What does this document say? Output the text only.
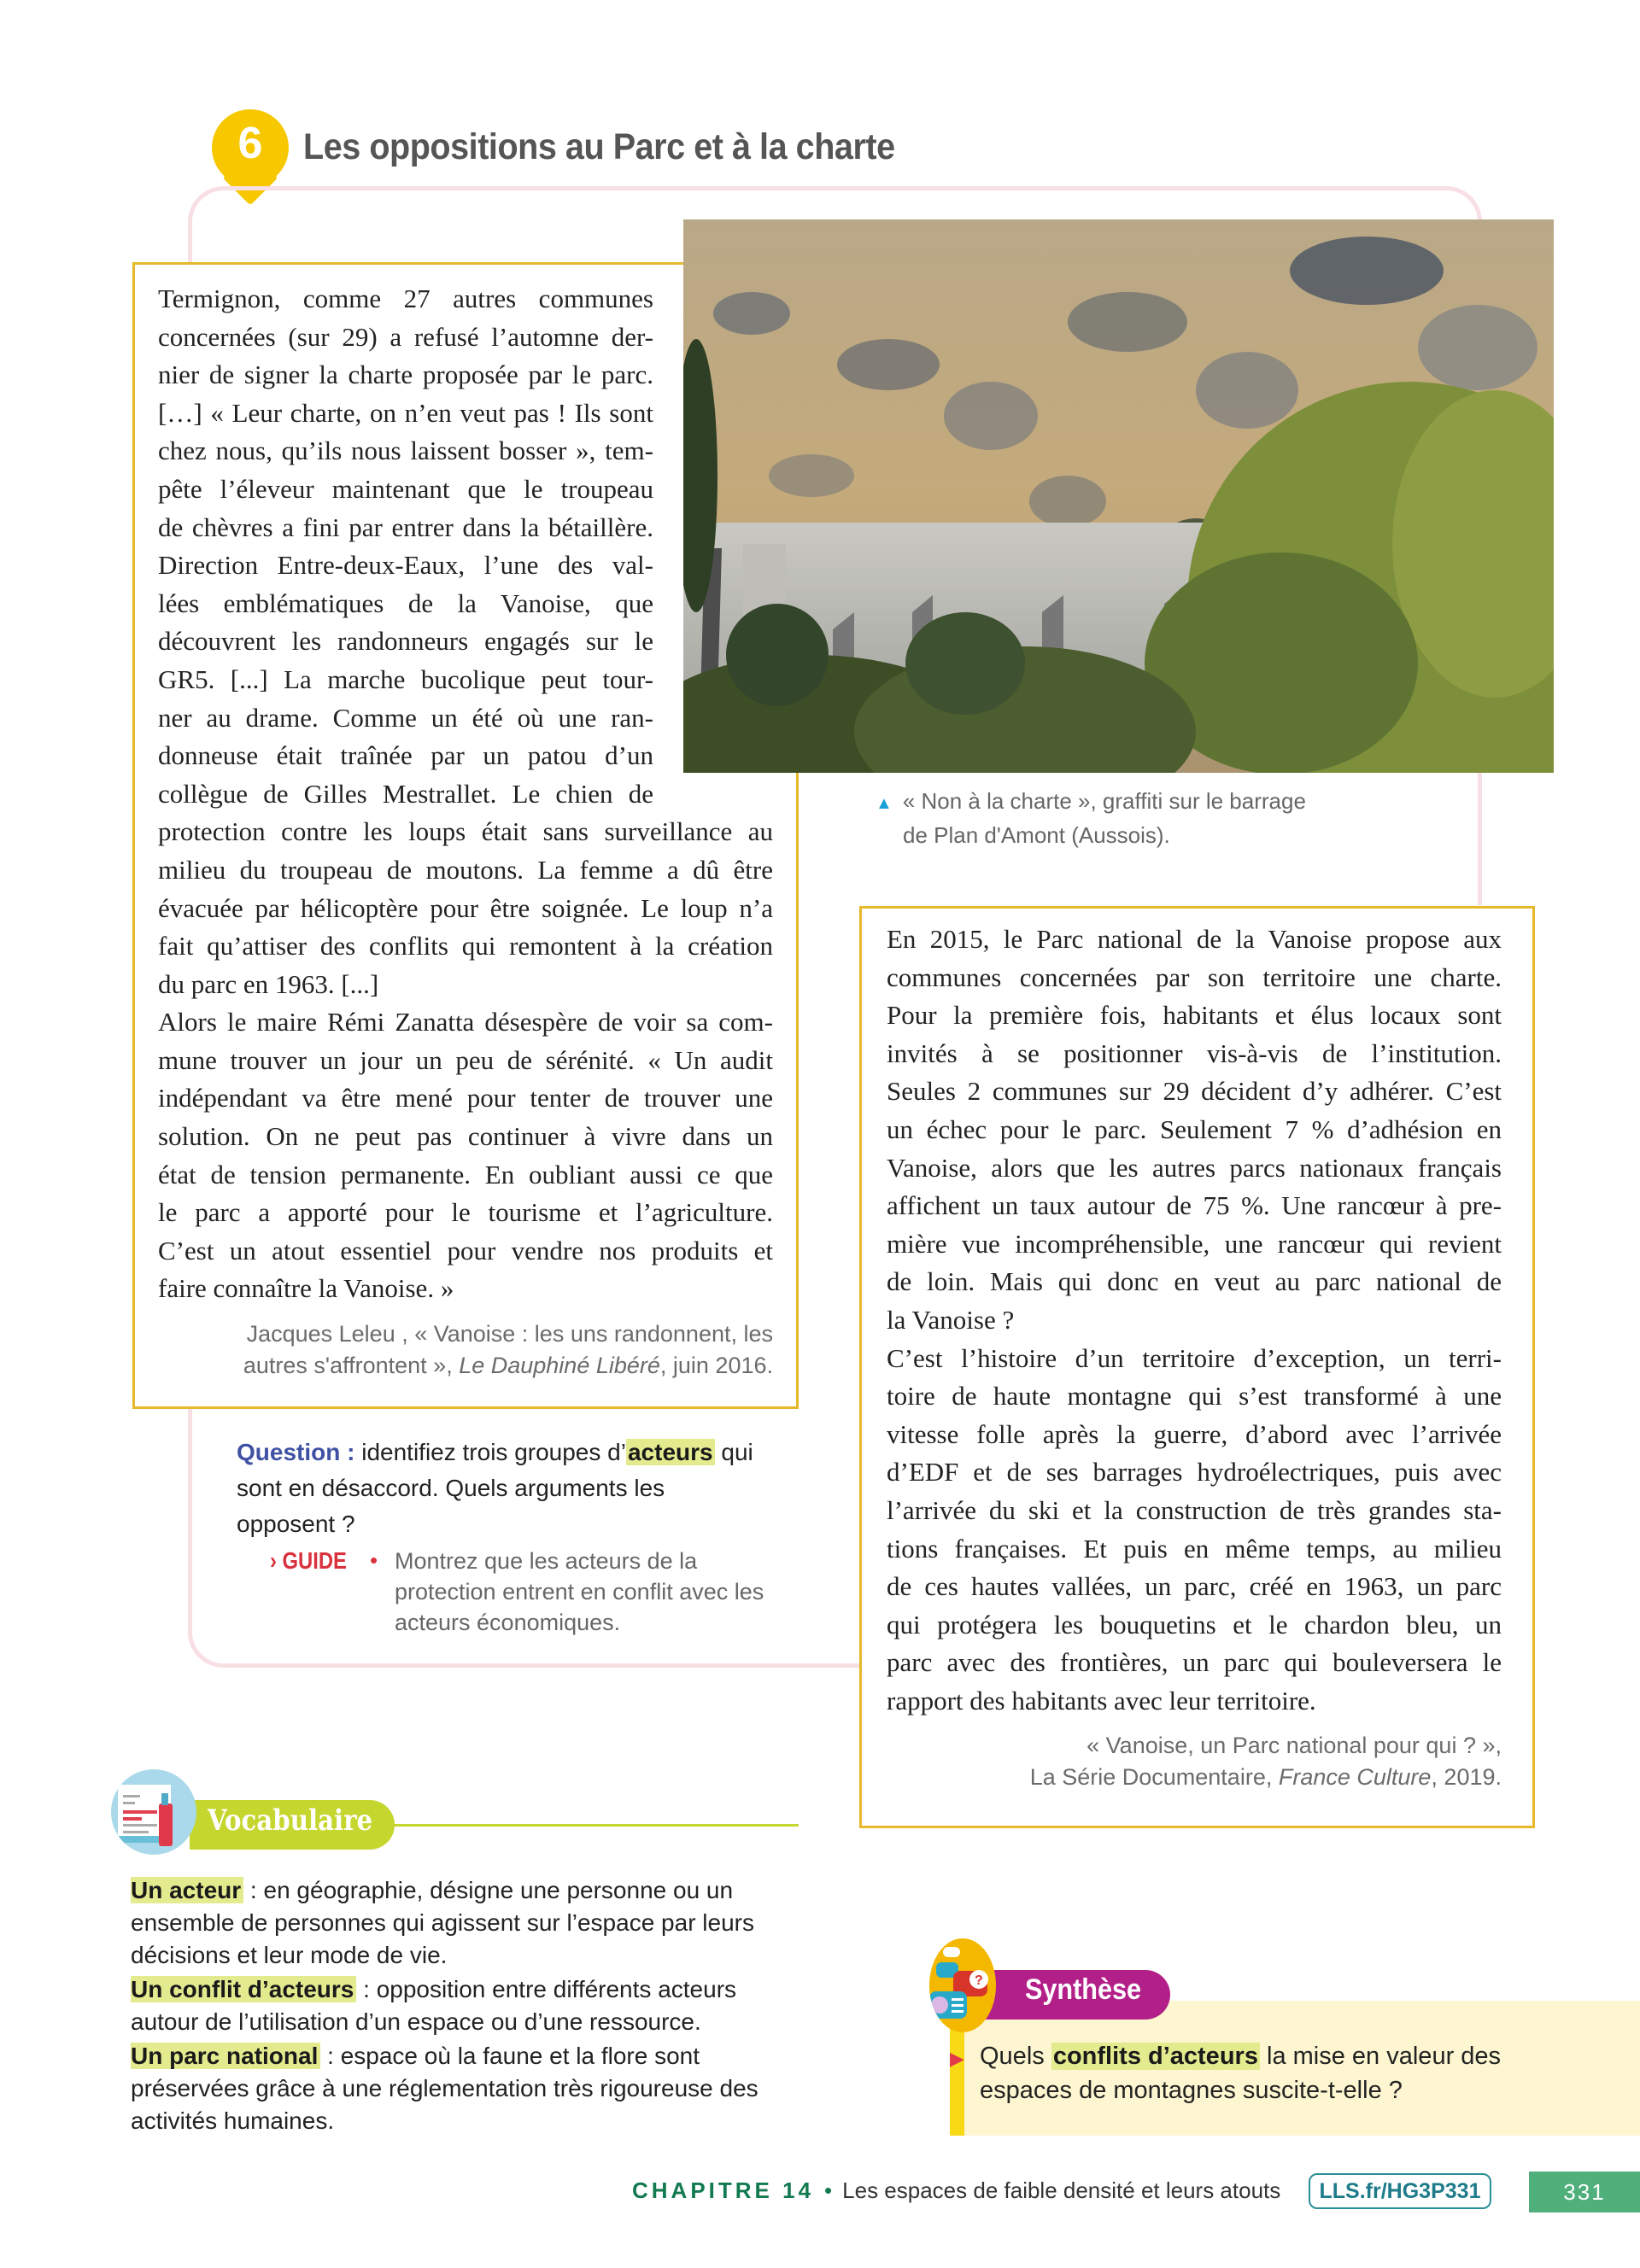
6	Les oppositions au Parc et à la charte
Termignon, comme 27 autres communes
concernées (sur 29) a refusé l’automne der-
nier de signer la charte proposée par le parc.
[…] « Leur charte, on n’en veut pas ! Ils sont
chez nous, qu’ils nous laissent bosser », tem-
pête l’éleveur maintenant que le troupeau
de chèvres a fini par entrer dans la bétaillère.
Direction Entre-deux-Eaux, l’une des val-
lées emblématiques de la Vanoise, que
découvrent les randonneurs engagés sur le
GR5. [...] La marche bucolique peut tour-
ner au drame. Comme un été où une ran-
donneuse était traînée par un patou d’un
collègue de Gilles Mestrallet. Le chien de
protection contre les loups était sans surveillance au
milieu du troupeau de moutons. La femme a dû être
évacuée par hélicoptère pour être soignée. Le loup n’a
fait qu’attiser des conflits qui remontent à la création
du parc en 1963. [...]
Alors le maire Rémi Zanatta désespère de voir sa com-
mune trouver un jour un peu de sérénité. « Un audit
indépendant va être mené pour tenter de trouver une
solution. On ne peut pas continuer à vivre dans un
état de tension permanente. En oubliant aussi ce que
le parc a apporté pour le tourisme et l’agriculture.
C’est un atout essentiel pour vendre nos produits et
faire connaître la Vanoise. »
Jacques Leleu , « Vanoise : les uns randonnent, les
autres s'affrontent », Le Dauphiné Libéré, juin 2016.
▲ « Non à la charte », graffiti sur le barrage
de Plan d'Amont (Aussois).
En 2015, le Parc national de la Vanoise propose aux
communes concernées par son territoire une charte.
Pour la première fois, habitants et élus locaux sont
invités à se positionner vis-à-vis de l’institution.
Seules 2 communes sur 29 décident d’y adhérer. C’est
un échec pour le parc. Seulement 7 % d’adhésion en
Vanoise, alors que les autres parcs nationaux français
affichent un taux autour de 75 %. Une rancœur à pre-
mière vue incompréhensible, une rancœur qui revient
de loin. Mais qui donc en veut au parc national de
la Vanoise ?
C’est l’histoire d’un territoire d’exception, un terri-
toire de haute montagne qui s’est transformé à une
vitesse folle après la guerre, d’abord avec l’arrivée
d’EDF et de ses barrages hydroélectriques, puis avec
l’arrivée du ski et la construction de très grandes sta-
tions françaises. Et puis en même temps, au milieu
de ces hautes vallées, un parc, créé en 1963, un parc
qui protégera les bouquetins et le chardon bleu, un
parc avec des frontières, un parc qui bouleversera le
rapport des habitants avec leur territoire.
« Vanoise, un Parc national pour qui ? »,
La Série Documentaire, France Culture, 2019.
Question : identifiez trois groupes d’acteurs qui sont en désaccord. Quels arguments les opposent ?
› GUIDE • Montrez que les acteurs de la protection entrent en conflit avec les acteurs économiques.
Vocabulaire

Un acteur : en géographie, désigne une personne ou un ensemble de personnes qui agissent sur l’espace par leurs décisions et leur mode de vie.

Un conflit d’acteurs : opposition entre différents acteurs autour de l’utilisation d’un espace ou d’une ressource.

Un parc national : espace où la faune et la flore sont préservées grâce à une réglementation très rigoureuse des activités humaines.

? Synthèse
▶ Quels conflits d’acteurs la mise en valeur des espaces de montagnes suscite-t-elle ?
CHAPITRE 14 • Les espaces de faible densité et leurs atouts	LLS.fr/HG3P331	331
